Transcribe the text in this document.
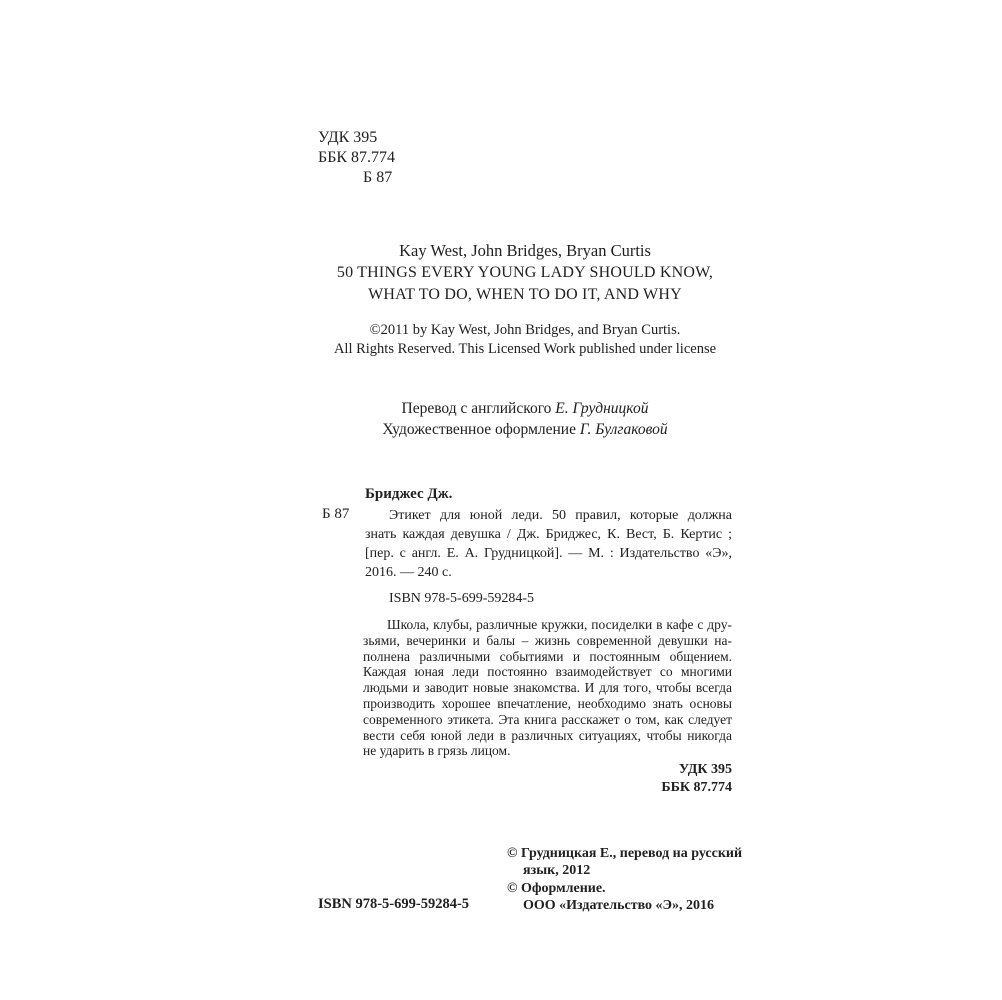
УДК 395
ББК 87.774
Б 87
Kay West, John Bridges, Bryan Curtis
50 THINGS EVERY YOUNG LADY SHOULD KNOW,
WHAT TO DO, WHEN TO DO IT, AND WHY
©2011 by Kay West, John Bridges, and Bryan Curtis.
All Rights Reserved. This Licensed Work published under license
Перевод с английского Е. Грудницкой
Художественное оформление Г. Булгаковой
Бриджес Дж.
Б 87	Этикет для юной леди. 50 правил, которые должна
знать каждая девушка / Дж. Бриджес, К. Вест, Б. Кертис ;
[пер. с англ. Е. А. Грудницкой]. — М. : Издательство «Э»,
2016. — 240 с.
ISBN 978-5-699-59284-5
Школа, клубы, различные кружки, посиделки в кафе с дру-
зьями, вечеринки и балы – жизнь современной девушки на-
полнена различными событиями и постоянным общением.
Каждая юная леди постоянно взаимодействует со многими
людьми и заводит новые знакомства. И для того, чтобы всегда
производить хорошее впечатление, необходимо знать основы
современного этикета. Эта книга расскажет о том, как следует
вести себя юной леди в различных ситуациях, чтобы никогда
не ударить в грязь лицом.
УДК 395
ББК 87.774
ISBN 978-5-699-59284-5
© Грудницкая Е., перевод на русский
язык, 2012
© Оформление.
ООО «Издательство «Э», 2016
